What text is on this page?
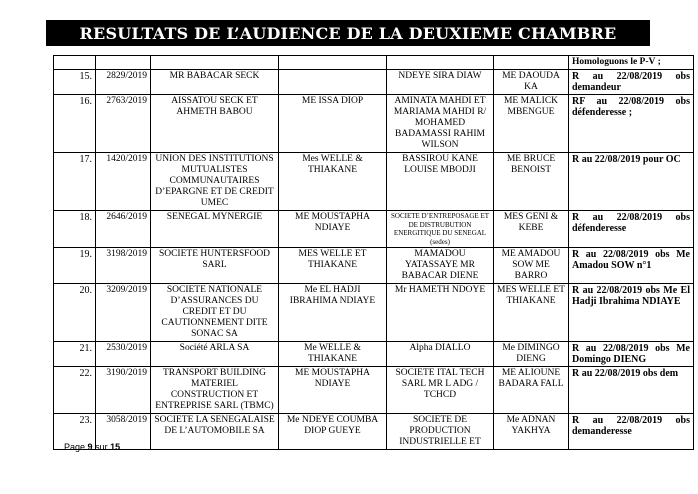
RESULTATS DE L’AUDIENCE DE LA DEUXIEME CHAMBRE
						Homologuons le P-V ;
15.	2829/2019	MR BABACAR SECK		NDEYE SIRA DIAW	ME DAOUDA KA	R au 22/08/2019 obs demandeur
16.	2763/2019	AISSATOU SECK ET AHMETH BABOU	ME ISSA DIOP	AMINATA MAHDI ET MARIAMA MAHDI R/ MOHAMED BADAMASSI RAHIM WILSON	ME MALICK MBENGUE	RF au 22/08/2019 obs défenderesse ;
17.	1420/2019	UNION DES INSTITUTIONS MUTUALISTES COMMUNAUTAIRES D’EPARGNE ET DE CREDIT UMEC	Mes WELLE & THIAKANE	BASSIROU KANE LOUISE MBODJI	ME BRUCE BENOIST	R au 22/08/2019 pour OC
18.	2646/2019	SENEGAL MYNERGIE	ME MOUSTAPHA NDIAYE	SOCIETE D’ENTREPOSAGE ET DE DISTRUBUTION ENERGITIQUE DU SENEGAL (sedes)	MES GENI & KEBE	R au 22/08/2019 obs défenderesse
19.	3198/2019	SOCIETE HUNTERSFOOD SARL	MES WELLE ET THIAKANE	MAMADOU YATASSAYE MR BABACAR DIENE	ME AMADOU SOW ME BARRO	R au 22/08/2019 obs Me Amadou SOW n°1
20.	3209/2019	SOCIETE NATIONALE D’ASSURANCES DU CREDIT ET DU CAUTIONNEMENT DITE SONAC SA	Me EL HADJI IBRAHIMA NDIAYE	Mr HAMETH NDOYE	MES WELLE ET THIAKANE	R au 22/08/2019 obs Me El Hadji Ibrahima NDIAYE
21.	2530/2019	Société ARLA SA	Me WELLE & THIAKANE	Alpha DIALLO	Me DIMINGO DIENG	R au 22/08/2019 obs Me Domingo DIENG
22.	3190/2019	TRANSPORT BUILDING MATERIEL CONSTRUCTION ET ENTREPRISE SARL (TBMC)	ME MOUSTAPHA NDIAYE	SOCIETE ITAL TECH SARL MR L ADG / TCHCD	ME ALIOUNE BADARA FALL	R au 22/08/2019 obs dem
23.	3058/2019	SOCIETE LA SENEGALAISE DE L’AUTOMOBILE SA	Me NDEYE COUMBA DIOP GUEYE	SOCIETE DE PRODUCTION INDUSTRIELLE ET	Me ADNAN YAKHYA	R au 22/08/2019 obs demanderesse
Page 9 sur 15
